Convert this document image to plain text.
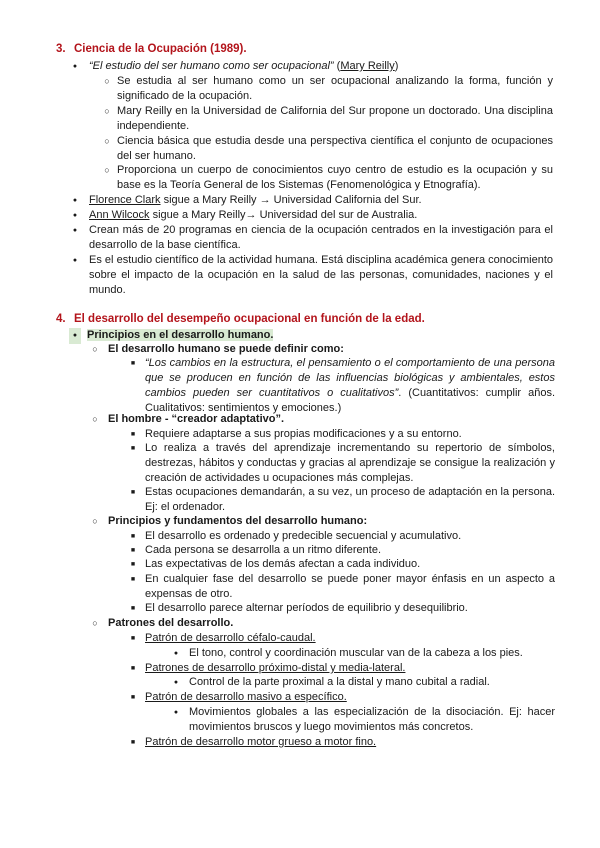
3. Ciencia de la Ocupación (1989).
●
“El estudio del ser humano como ser ocupacional” (Mary Reilly)
○
Se estudia al ser humano como un ser ocupacional analizando la forma, función y significado de la ocupación.
○
Mary Reilly en la Universidad de California del Sur propone un doctorado. Una disciplina independiente.
○
Ciencia básica que estudia desde una perspectiva científica el conjunto de ocupaciones del ser humano.
○
Proporciona un cuerpo de conocimientos cuyo centro de estudio es la ocupación y su base es la Teoría General de los Sistemas (Fenomenológica y Etnografía).
●
Florence Clark sigue a Mary Reilly → Universidad California del Sur.
●
Ann Wilcock sigue a Mary Reilly→ Universidad del sur de Australia.
●
Crean más de 20 programas en ciencia de la ocupación centrados en la investigación para el desarrollo de la base científica.
●
Es el estudio científico de la actividad humana. Está disciplina académica genera conocimiento sobre el impacto de la ocupación en la salud de las personas, comunidades, naciones y el mundo.
4. El desarrollo del desempeño ocupacional en función de la edad.
●
Principios en el desarrollo humano.
○
El desarrollo humano se puede definir como:
■
“Los cambios en la estructura, el pensamiento o el comportamiento de una persona que se producen en función de las influencias biológicas y ambientales, estos cambios pueden ser cuantitativos o cualitativos”. (Cuantitativos: cumplir años. Cualitativos: sentimientos y emociones.)
○
El hombre - “creador adaptativo”.
■
Requiere adaptarse a sus propias modificaciones y a su entorno.
■
Lo realiza a través del aprendizaje incrementando su repertorio de símbolos, destrezas, hábitos y conductas y gracias al aprendizaje se consigue la realización y creación de actividades u ocupaciones más complejas.
■
Estas ocupaciones demandarán, a su vez, un proceso de adaptación en la persona. Ej: el ordenador.
○
Principios y fundamentos del desarrollo humano:
■
El desarrollo es ordenado y predecible secuencial y acumulativo.
■
Cada persona se desarrolla a un ritmo diferente.
■
Las expectativas de los demás afectan a cada individuo.
■
En cualquier fase del desarrollo se puede poner mayor énfasis en un aspecto a expensas de otro.
■
El desarrollo parece alternar períodos de equilibrio y desequilibrio.
○
Patrones del desarrollo.
■
Patrón de desarrollo céfalo-caudal.
●
El tono, control y coordinación muscular van de la cabeza a los pies.
■
Patrones de desarrollo próximo-distal y media-lateral.
●
Control de la parte proximal a la distal y mano cubital a radial.
■
Patrón de desarrollo masivo a específico.
●
Movimientos globales a las especialización de la disociación. Ej: hacer movimientos bruscos y luego movimientos más concretos.
■
Patrón de desarrollo motor grueso a motor fino.
